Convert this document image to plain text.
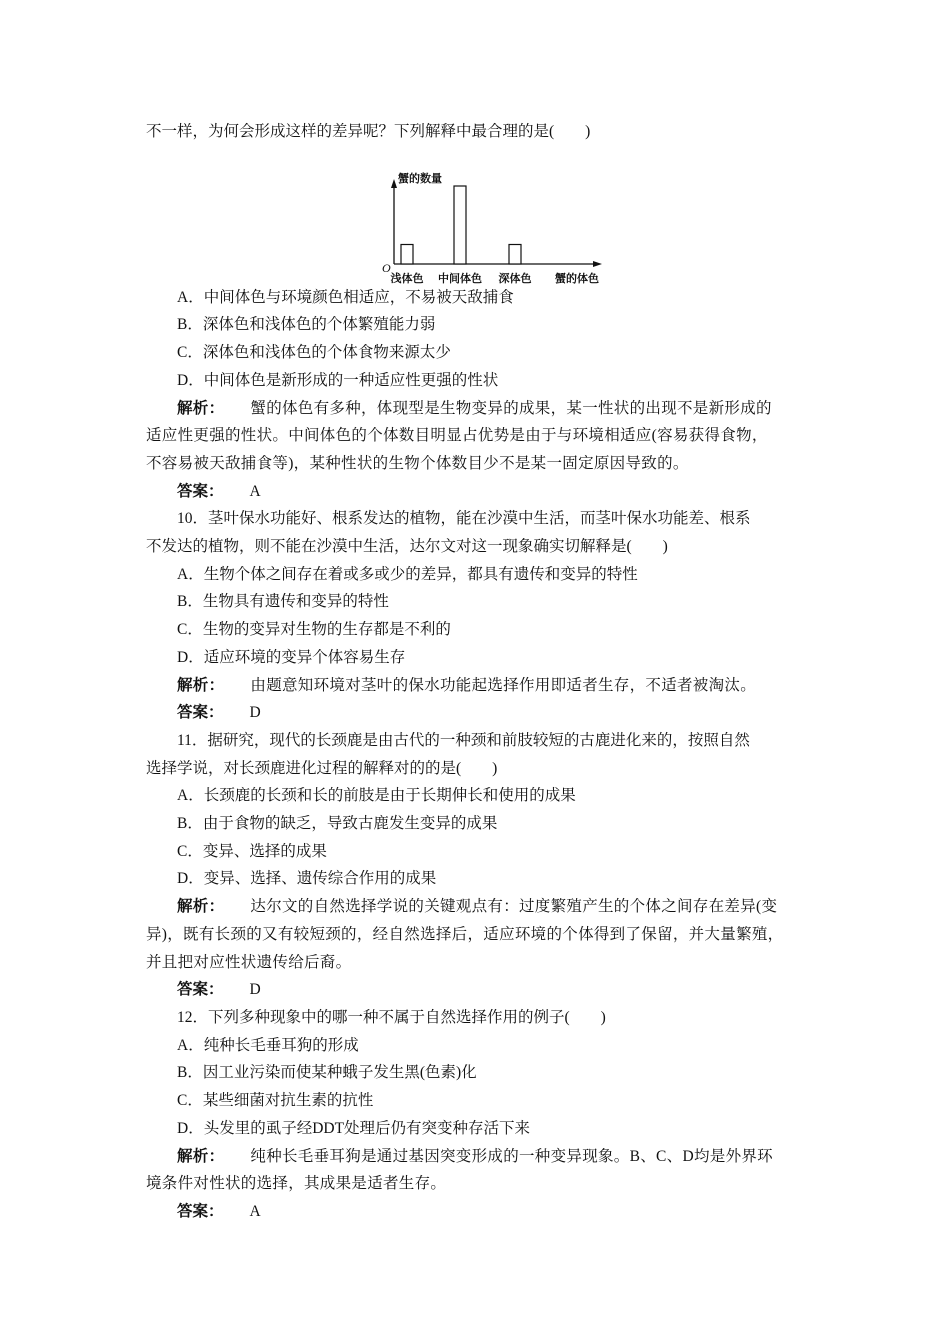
不一样，为何会形成这样的差异呢？下列解释中最合理的是(　　)
蟹的数量
O
蟹的体色
浅体色 中间体色 深体色
A．中间体色与环境颜色相适应，不易被天敌捕食
B．深体色和浅体色的个体繁殖能力弱
C．深体色和浅体色的个体食物来源太少
D．中间体色是新形成的一种适应性更强的性状
解析： 蟹的体色有多种，体现型是生物变异的成果，某一性状的出现不是新形成的
适应性更强的性状。中间体色的个体数目明显占优势是由于与环境相适应(容易获得食物，
不容易被天敌捕食等)，某种性状的生物个体数目少不是某一固定原因导致的。
答案： A
10．茎叶保水功能好、根系发达的植物，能在沙漠中生活，而茎叶保水功能差、根系
不发达的植物，则不能在沙漠中生活，达尔文对这一现象确实切解释是(　　)
A．生物个体之间存在着或多或少的差异，都具有遗传和变异的特性
B．生物具有遗传和变异的特性
C．生物的变异对生物的生存都是不利的
D．适应环境的变异个体容易生存
解析： 由题意知环境对茎叶的保水功能起选择作用即适者生存，不适者被淘汰。
答案： D
11．据研究，现代的长颈鹿是由古代的一种颈和前肢较短的古鹿进化来的，按照自然
选择学说，对长颈鹿进化过程的解释对的的是(　　)
A．长颈鹿的长颈和长的前肢是由于长期伸长和使用的成果
B．由于食物的缺乏，导致古鹿发生变异的成果
C．变异、选择的成果
D．变异、选择、遗传综合作用的成果
解析： 达尔文的自然选择学说的关键观点有：过度繁殖产生的个体之间存在差异(变
异)，既有长颈的又有较短颈的，经自然选择后，适应环境的个体得到了保留，并大量繁殖，
并且把对应性状遗传给后裔。
答案： D
12．下列多种现象中的哪一种不属于自然选择作用的例子(　　)
A．纯种长毛垂耳狗的形成
B．因工业污染而使某种蛾子发生黑(色素)化
C．某些细菌对抗生素的抗性
D．头发里的虱子经DDT处理后仍有突变种存活下来
解析： 纯种长毛垂耳狗是通过基因突变形成的一种变异现象。B、C、D均是外界环
境条件对性状的选择，其成果是适者生存。
答案： A
